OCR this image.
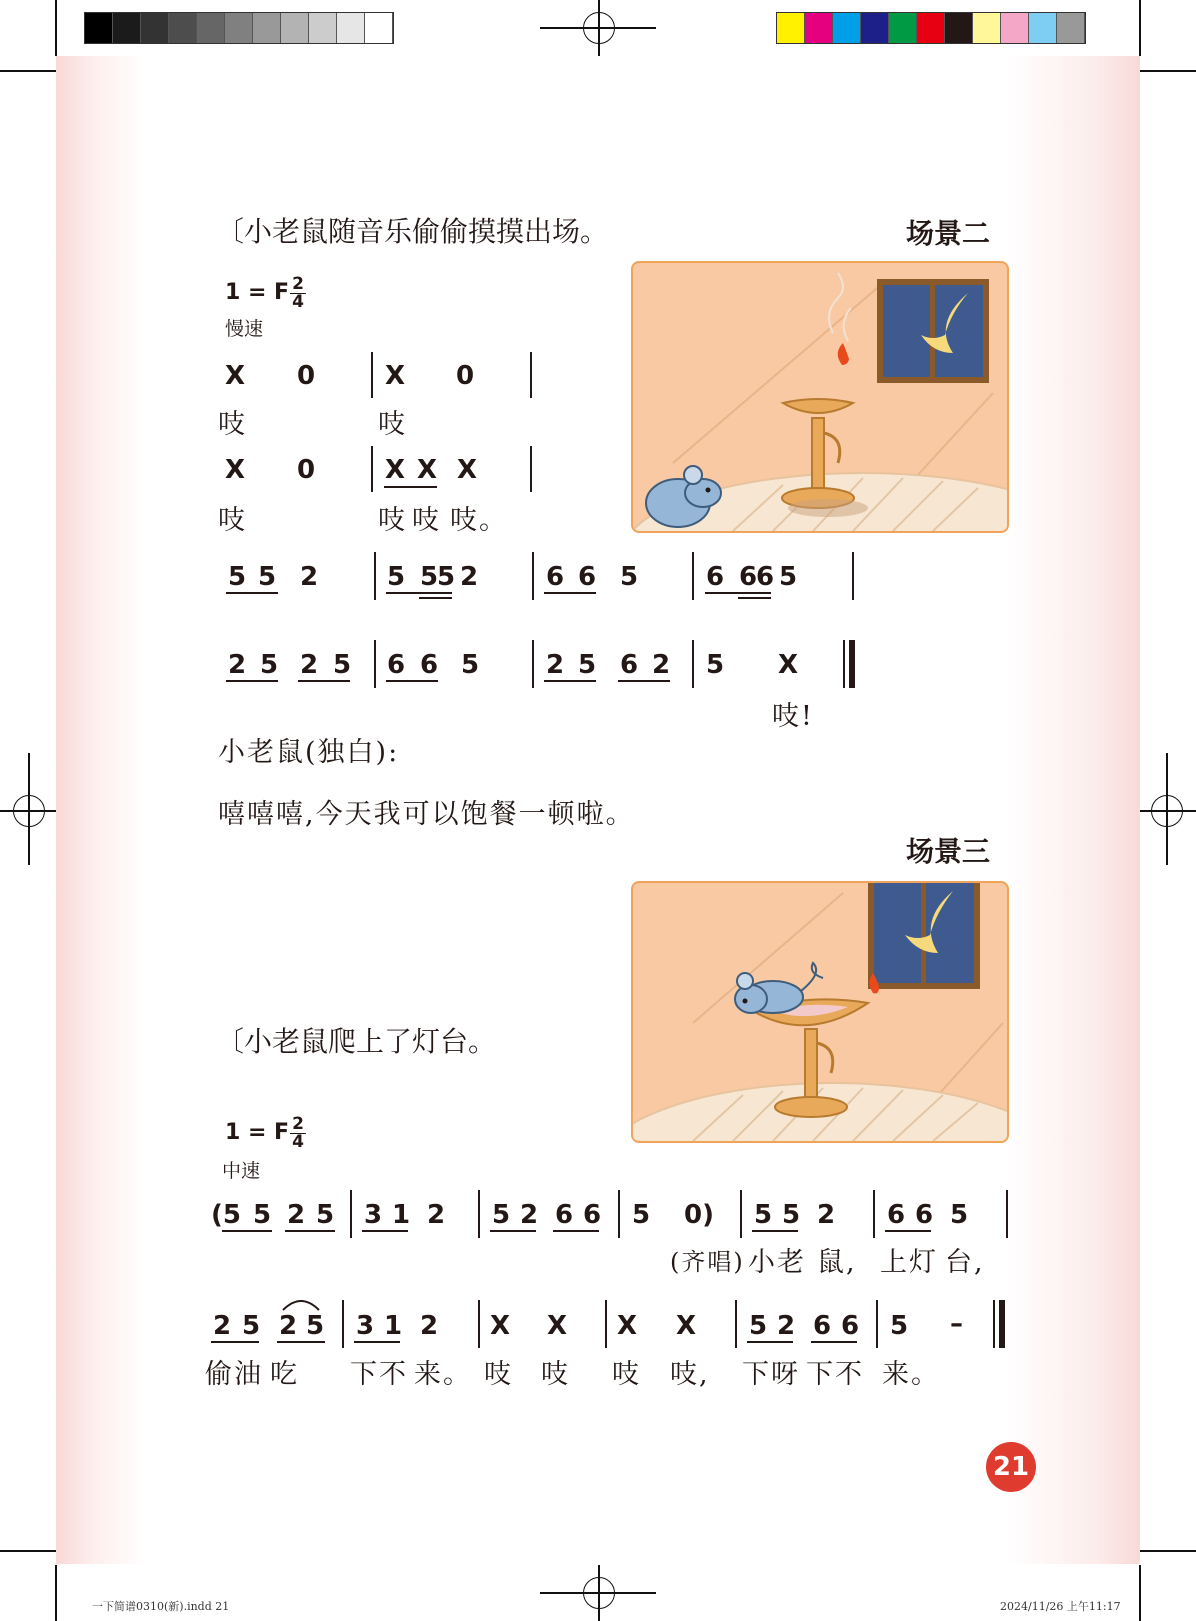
〔小老鼠随音乐偷偷摸摸出场。	场景二
1 = F $\frac{2}{4}$
慢速
X 0	X 0
吱	吱
X 0	X X X
吱	吱 吱 吱。
5 5 2	5 5
5 2	6 6 5	6 6
6 5
2 5 2 5 6 6 5	2 5 6 2 5 X
吱!
小老鼠(独白):
嘻嘻嘻,今天我可以饱餐一顿啦。
场景三
〔小老鼠爬上了灯台。
1 = F $\frac{2}{4}$
中速
(5 5 2 5 3 1 2 5 2 6 6 5 0) 5 5 2 6 6 5
(齐唱) 小老 鼠, 上灯 台,
2 5 2 5 3 1 2 X X X X 5 2 6 6 5 –
偷油 吃 下不 来。 吱 吱 吱 吱, 下呀 下不 来。
21
一下简谱0310(新).indd 21	2024/11/26 上午11:17
